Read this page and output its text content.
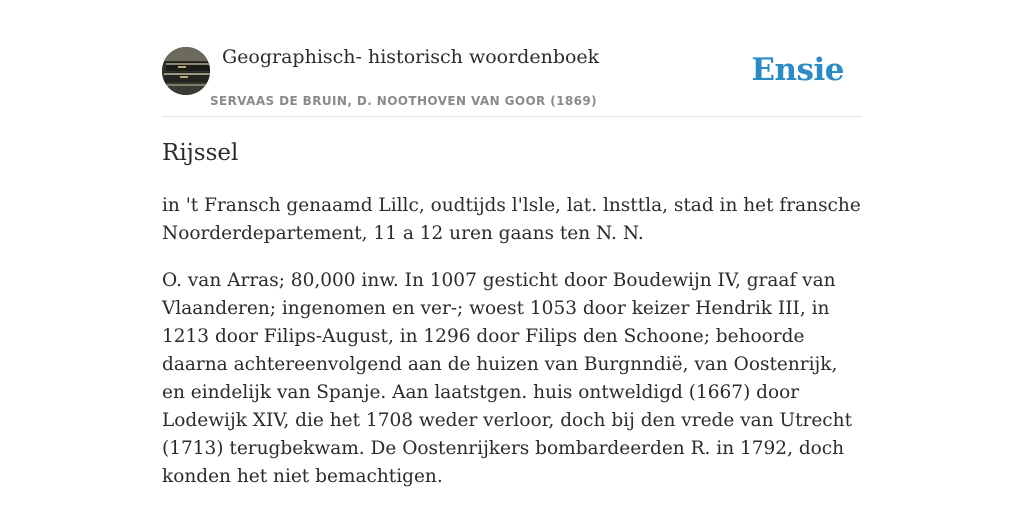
Geographisch- historisch woordenboek
SERVAAS DE BRUIN, D. NOOTHOVEN VAN GOOR (1869)
Ensie
Rijssel

in 't Fransch genaamd Lillc, oudtijds l'lsle, lat. lnsttla, stad in het fransche Noorderdepartement, 11 a 12 uren gaans ten N. N.

O. van Arras; 80,000 inw. In 1007 gesticht door Boudewijn IV, graaf van Vlaanderen; ingenomen en ver-; woest 1053 door keizer Hendrik III, in 1213 door Filips-August, in 1296 door Filips den Schoone; behoorde daarna achtereenvolgend aan de huizen van Burgnndië, van Oostenrijk, en eindelijk van Spanje. Aan laatstgen. huis ontweldigd (1667) door Lodewijk XIV, die het 1708 weder verloor, doch bij den vrede van Utrecht (1713) terugbekwam. De Oostenrijkers bombardeerden R. in 1792, doch konden het niet bemachtigen.
